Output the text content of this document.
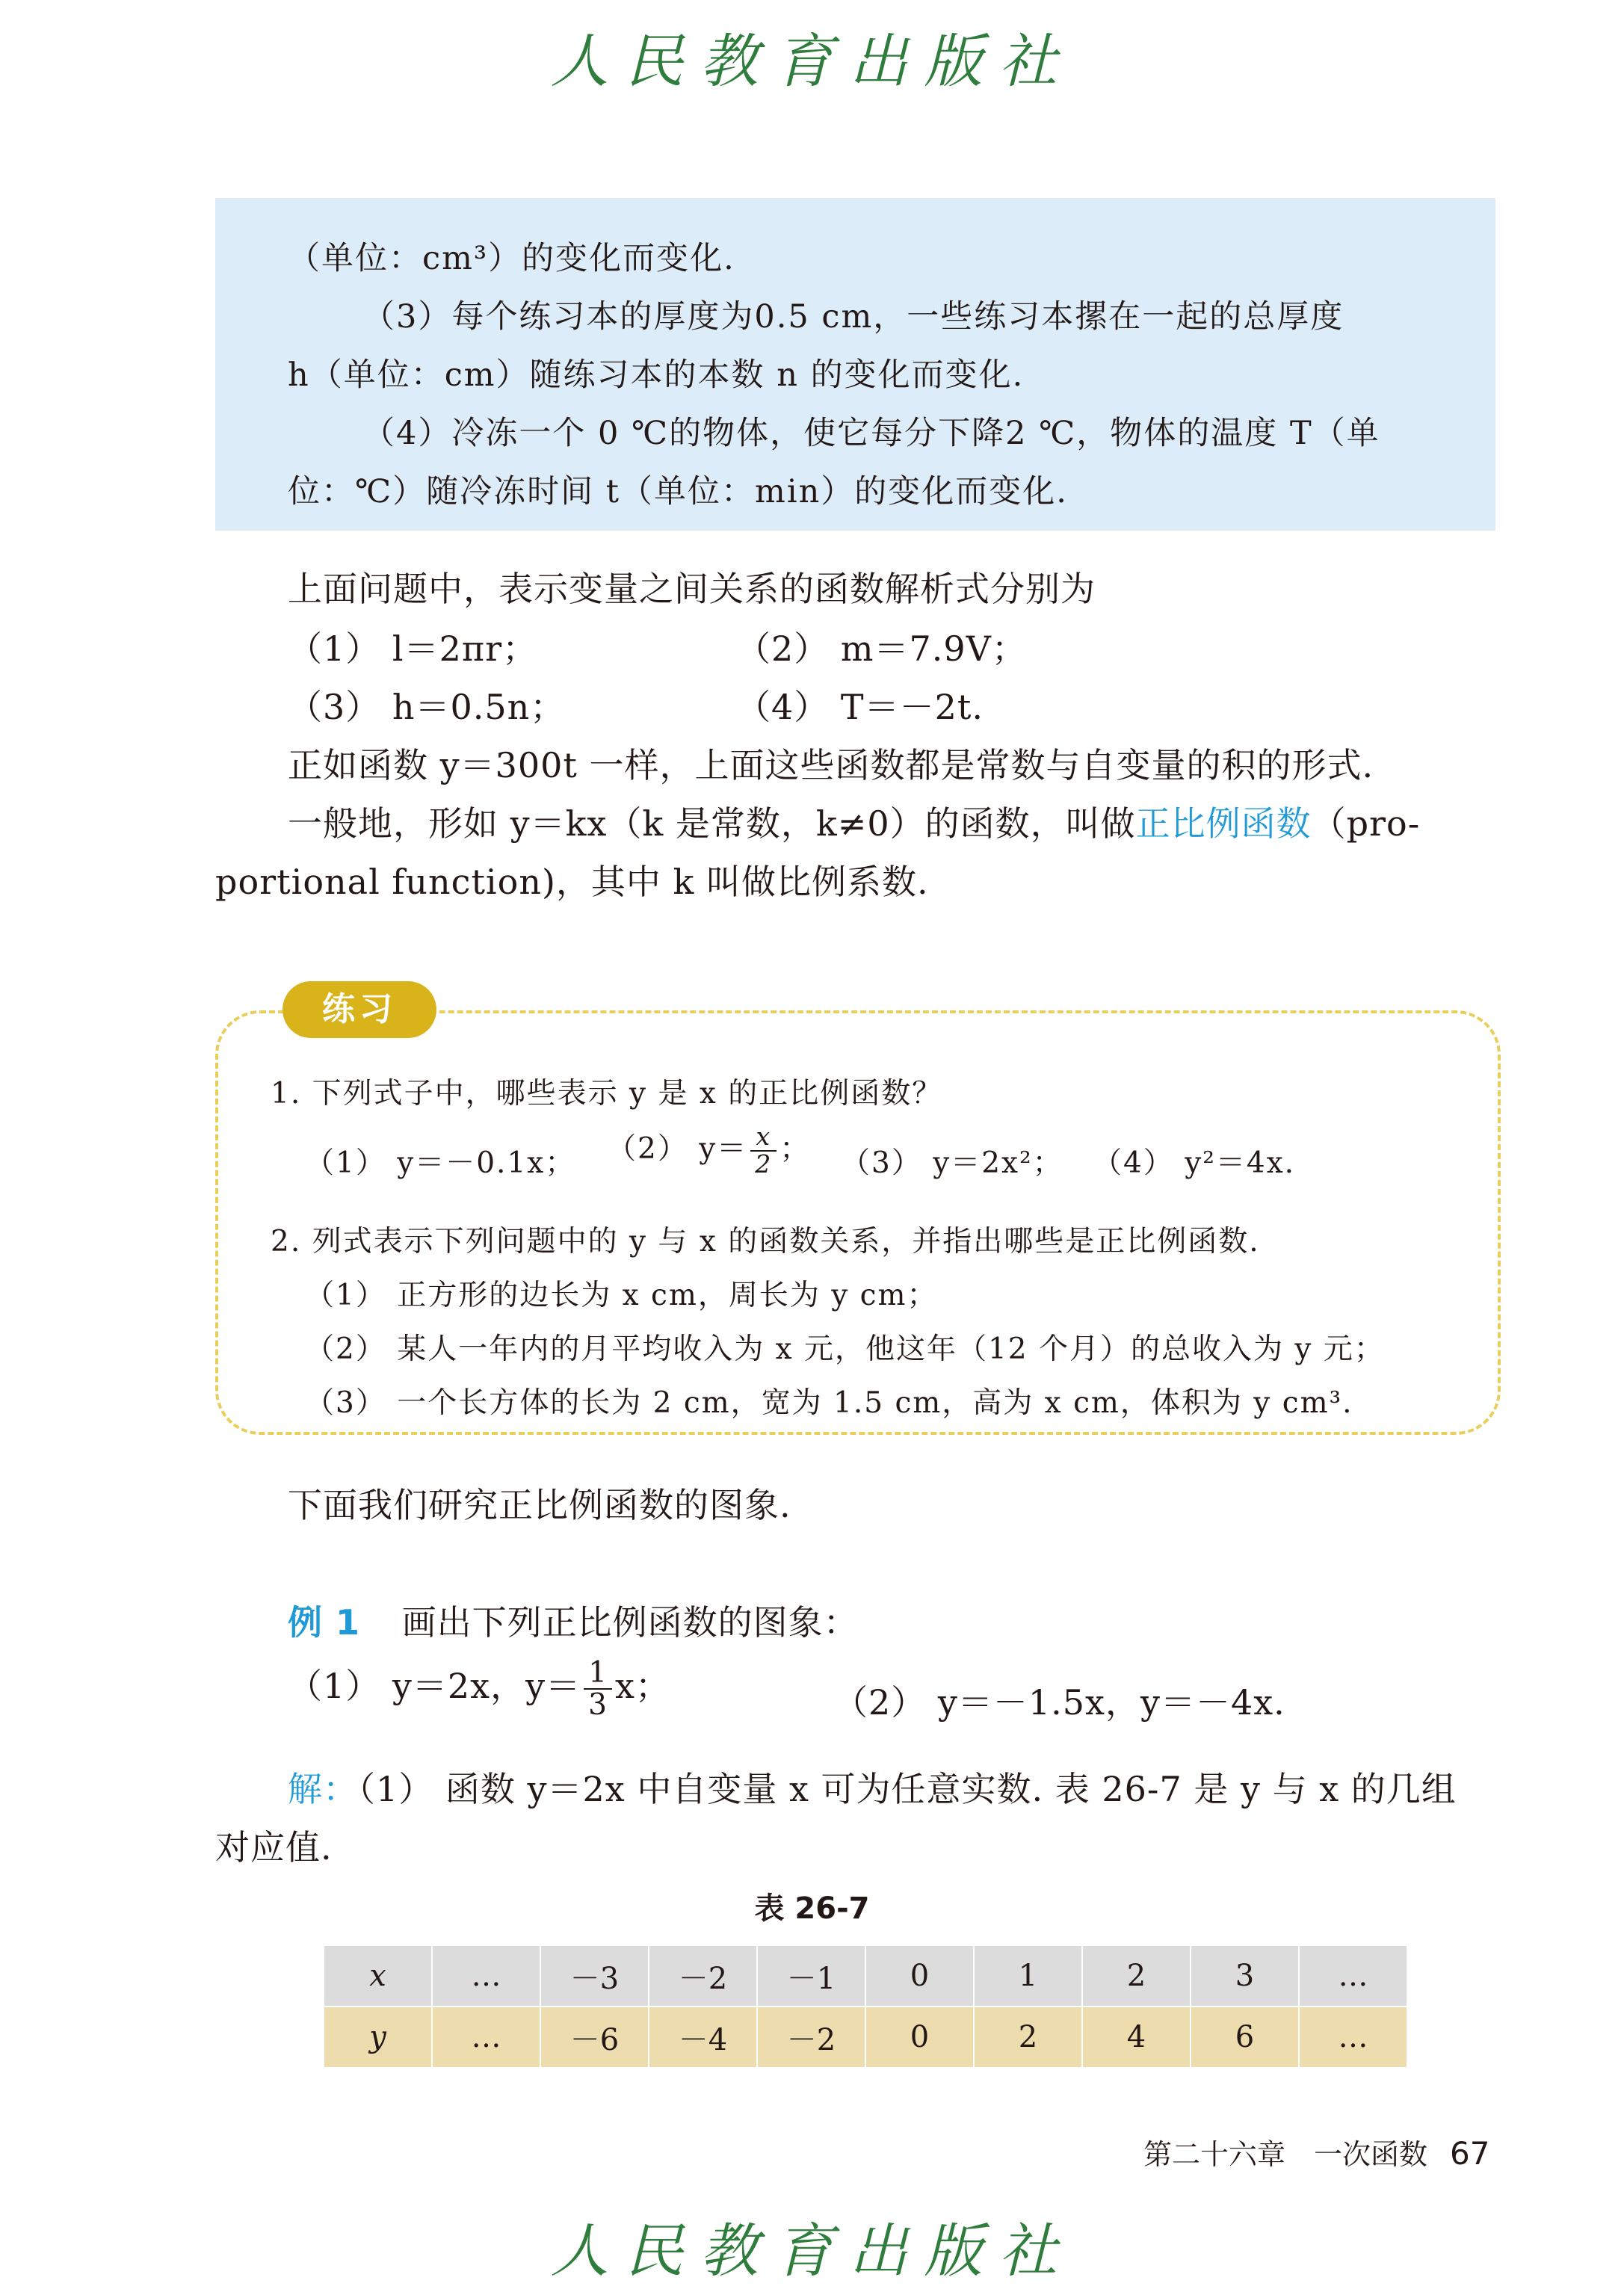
人民教育出版社
（单位：cm³）的变化而变化.
（3）每个练习本的厚度为0.5 cm，一些练习本摞在一起的总厚度
h（单位：cm）随练习本的本数 n 的变化而变化.
（4）冷冻一个 0 ℃的物体，使它每分下降2 ℃，物体的温度 T（单
位：℃）随冷冻时间 t（单位：min）的变化而变化.
上面问题中，表示变量之间关系的函数解析式分别为
（1） l＝2πr；	（2） m＝7.9V；
（3） h＝0.5n；	（4） T＝－2t.
正如函数 y＝300t 一样，上面这些函数都是常数与自变量的积的形式.
一般地，形如 y＝kx（k 是常数，k≠0）的函数，叫做正比例函数（pro-
portional function)，其中 k 叫做比例系数.
练习
1. 下列式子中，哪些表示 y 是 x 的正比例函数？
（1） y＝－0.1x； （2） $y= \frac{x}{2}$ ； （3） y＝2x²； （4） y²＝4x.
2. 列式表示下列问题中的 y 与 x 的函数关系，并指出哪些是正比例函数.
（1） 正方形的边长为 x cm，周长为 y cm；
（2） 某人一年内的月平均收入为 x 元，他这年（12 个月）的总收入为 y 元；
（3） 一个长方体的长为 2 cm，宽为 1.5 cm，高为 x cm，体积为 y cm³.
下面我们研究正比例函数的图象.
例 1 画出下列正比例函数的图象：
（1） y＝2x，$y= \frac{1}{3}$ x；	（2） y＝－1.5x，y＝－4x.
解：（1） 函数 y＝2x 中自变量 x 可为任意实数. 表 26-7 是 y 与 x 的几组
对应值.
表 26-7
x	…	－3	－2	－1	0	1	2	3	…
y	…	－6	－4	－2	0	2	4	6	…
第二十六章　一次函数 67
人民教育出版社
